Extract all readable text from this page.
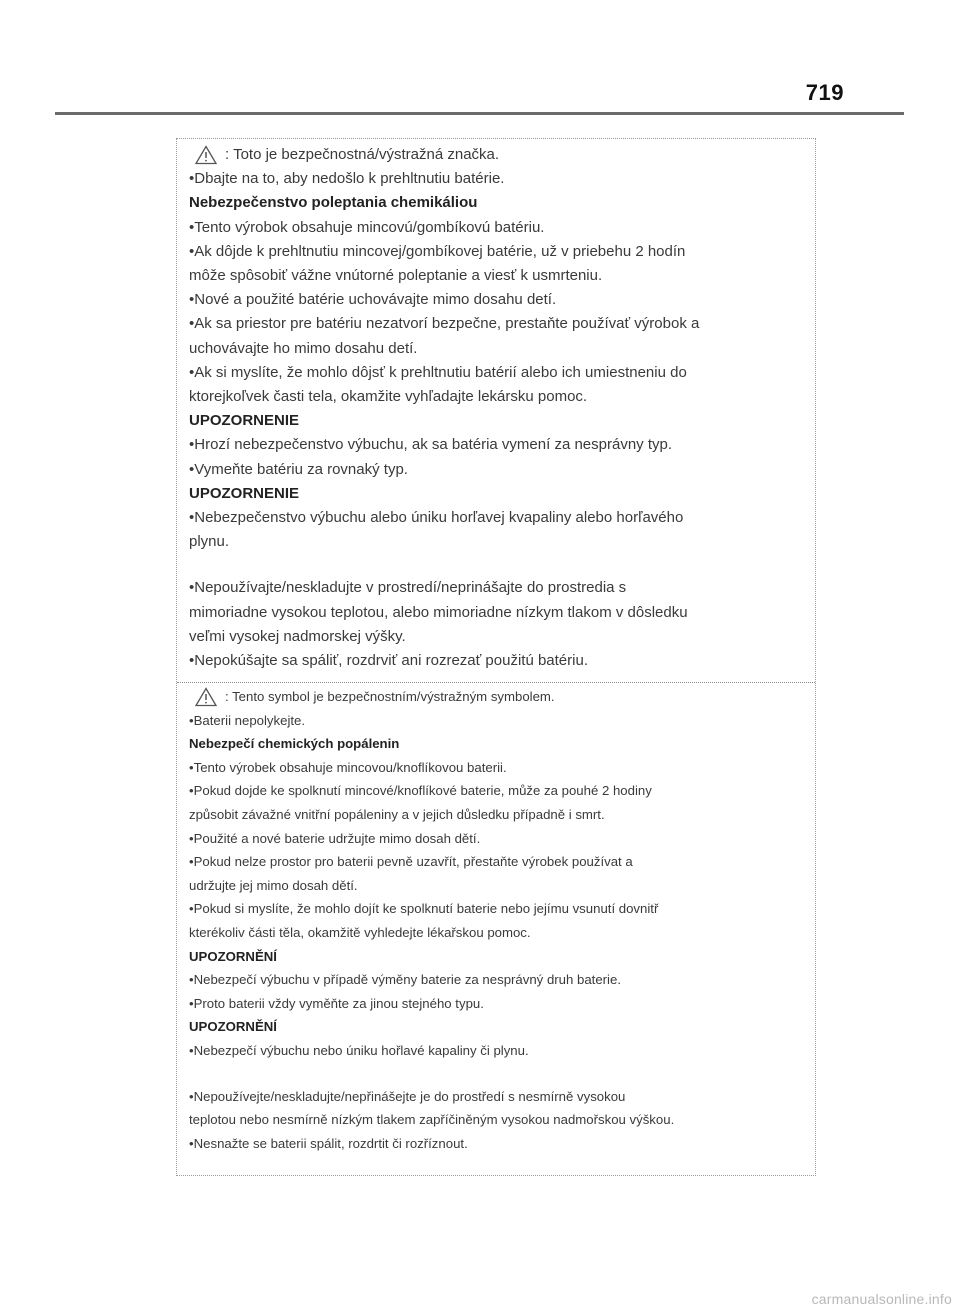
719
: Toto je bezpečnostná/výstražná značka.
•Dbajte na to, aby nedošlo k prehltnutiu batérie.
Nebezpečenstvo poleptania chemikáliou
•Tento výrobok obsahuje mincovú/gombíkovú batériu.
•Ak dôjde k prehltnutiu mincovej/gombíkovej batérie, už v priebehu 2 hodín
môže spôsobiť vážne vnútorné poleptanie a viesť k usmrteniu.
•Nové a použité batérie uchovávajte mimo dosahu detí.
•Ak sa priestor pre batériu nezatvorí bezpečne, prestaňte používať výrobok a
uchovávajte ho mimo dosahu detí.
•Ak si myslíte, že mohlo dôjsť k prehltnutiu batérií alebo ich umiestneniu do
ktorejkoľvek časti tela, okamžite vyhľadajte lekársku pomoc.
UPOZORNENIE
•Hrozí nebezpečenstvo výbuchu, ak sa batéria vymení za nesprávny typ.
•Vymeňte batériu za rovnaký typ.
UPOZORNENIE
•Nebezpečenstvo výbuchu alebo úniku horľavej kvapaliny alebo horľavého
plynu.
•Nepoužívajte/neskladujte v prostredí/neprinášajte do prostredia s
mimoriadne vysokou teplotou, alebo mimoriadne nízkym tlakom v dôsledku
veľmi vysokej nadmorskej výšky.
•Nepokúšajte sa spáliť, rozdrviť ani rozrezať použitú batériu.
: Tento symbol je bezpečnostním/výstražným symbolem.
•Baterii nepolykejte.
Nebezpečí chemických popálenin
•Tento výrobek obsahuje mincovou/knoflíkovou baterii.
•Pokud dojde ke spolknutí mincové/knoflíkové baterie, může za pouhé 2 hodiny
způsobit závažné vnitřní popáleniny a v jejich důsledku případně i smrt.
•Použité a nové baterie udržujte mimo dosah dětí.
•Pokud nelze prostor pro baterii pevně uzavřít, přestaňte výrobek používat a
udržujte jej mimo dosah dětí.
•Pokud si myslíte, že mohlo dojít ke spolknutí baterie nebo jejímu vsunutí dovnitř
kterékoliv části těla, okamžitě vyhledejte lékařskou pomoc.
UPOZORNĚNÍ
•Nebezpečí výbuchu v případě výměny baterie za nesprávný druh baterie.
•Proto baterii vždy vyměňte za jinou stejného typu.
UPOZORNĚNÍ
•Nebezpečí výbuchu nebo úniku hořlavé kapaliny či plynu.
•Nepoužívejte/neskladujte/nepřinášejte je do prostředí s nesmírně vysokou
teplotou nebo nesmírně nízkým tlakem zapříčiněným vysokou nadmořskou výškou.
•Nesnažte se baterii spálit, rozdrtit či rozříznout.
carmanualsonline.info
